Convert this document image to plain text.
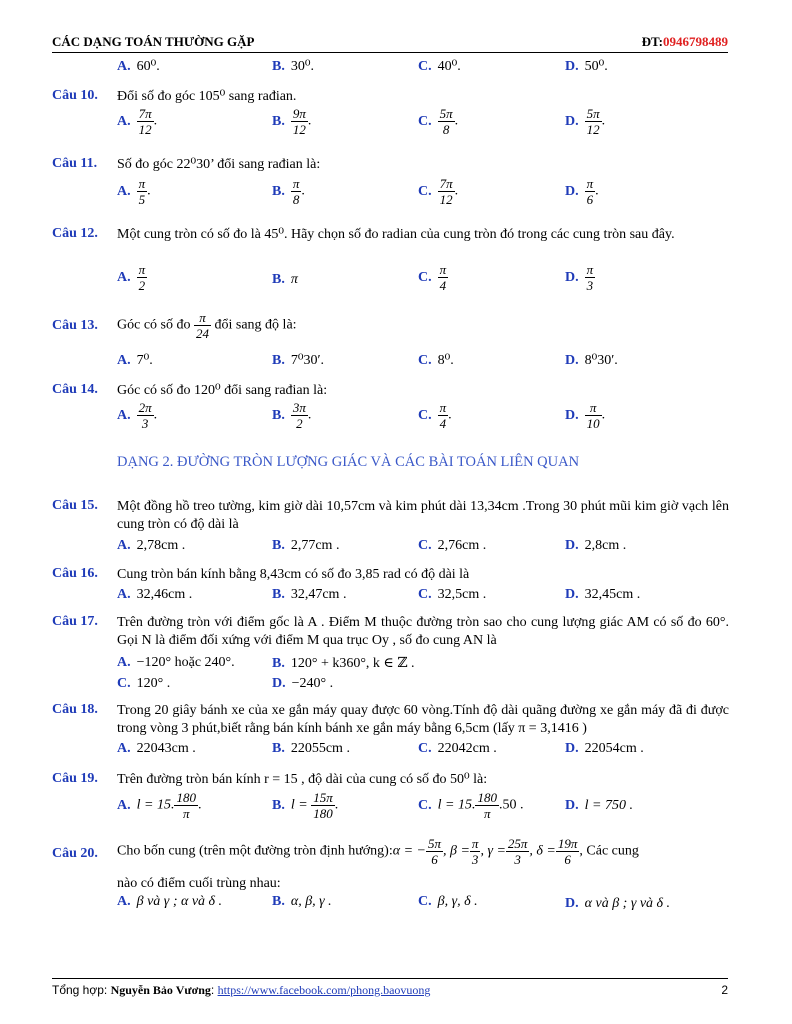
CÁC DẠNG TOÁN THƯỜNG GẶP	ĐT:0946798489
A. 60⁰.	B. 30⁰.	C. 40⁰.	D. 50⁰.
Câu 10. Đổi số đo góc 105⁰ sang rađian.
A. $\frac{7\pi}{12}$ .	B. $\frac{9\pi}{12}$ .	C. $\frac{5\pi}{8}$ .	D. $\frac{5\pi}{12}$ .
Câu 11. Số đo góc 22⁰30’ đổi sang rađian là:
A. $\frac{\pi}{5}$ .	B. $\frac{\pi}{8}$ .	C. $\frac{7\pi}{12}$ .	D. $\frac{\pi}{6}$ .
Câu 12. Một cung tròn có số đo là 45⁰. Hãy chọn số đo radian của cung tròn đó trong các cung tròn sau đây.
A. $\frac{\pi}{2}$	B. π	C. $\frac{\pi}{4}$	D. $\frac{\pi}{3}$
Câu 13. Góc có số đo $\frac{\pi}{24}$ đổi sang độ là:
A. 7⁰.	B. 7⁰30′.	C. 8⁰.	D. 8⁰30′.
Câu 14. Góc có số đo 120⁰ đổi sang rađian là:
A. $\frac{2\pi}{3}$ .	B. $\frac{3\pi}{2}$ .	C. $\frac{\pi}{4}$ .	D. $\frac{\pi}{10}$ .
DẠNG 2. ĐƯỜNG TRÒN LƯỢNG GIÁC VÀ CÁC BÀI TOÁN LIÊN QUAN
Câu 15. Một đồng hồ treo tường, kim giờ dài 10,57cm và kim phút dài 13,34cm .Trong 30 phút mũi kim giờ vạch lên cung tròn có độ dài là
A. 2,78cm .	B. 2,77cm .	C. 2,76cm .	D. 2,8cm .
Câu 16. Cung tròn bán kính bằng 8,43cm có số đo 3,85 rad có độ dài là
A. 32,46cm .	B. 32,47cm .	C. 32,5cm .	D. 32,45cm .
Câu 17. Trên đường tròn với điểm gốc là A . Điểm M thuộc đường tròn sao cho cung lượng giác AM có số đo 60°. Gọi N là điểm đối xứng với điểm M qua trục Oy , số đo cung AN là
A. −120° hoặc 240°.	B. 120° + k360°, k ∈ ℤ .
C. 120° .	D. −240° .
Câu 18. Trong 20 giây bánh xe của xe gắn máy quay được 60 vòng.Tính độ dài quãng đường xe gắn máy đã đi được trong vòng 3 phút,biết rằng bán kính bánh xe gắn máy bằng 6,5cm (lấy π = 3,1416 )
A. 22043cm .	B. 22055cm .	C. 22042cm .	D. 22054cm .
Câu 19. Trên đường tròn bán kính r = 15 , độ dài của cung có số đo 50⁰ là:
A. l = 15. $\frac{180}{\pi}$ .	B. $l = \frac{15\pi}{180}$ .	C. l = 15. $\frac{180}{\pi} .50$ .	D. l = 750 .
Câu 20. Cho bốn cung (trên một đường tròn định hướng):α = − $\frac{5\pi}{6}$ , $\beta = \frac{\pi}{3}$ , $\gamma = \frac{25\pi}{3}$ , $\delta = \frac{19\pi}{6}$ , Các cung
nào có điểm cuối trùng nhau:
A. β và γ ; α và δ .	B. α, β, γ .	C. β, γ, δ .	D. α và β ; γ và δ .
Tổng hợp: Nguyễn Bảo Vương: https://www.facebook.com/phong.baovuong	2
